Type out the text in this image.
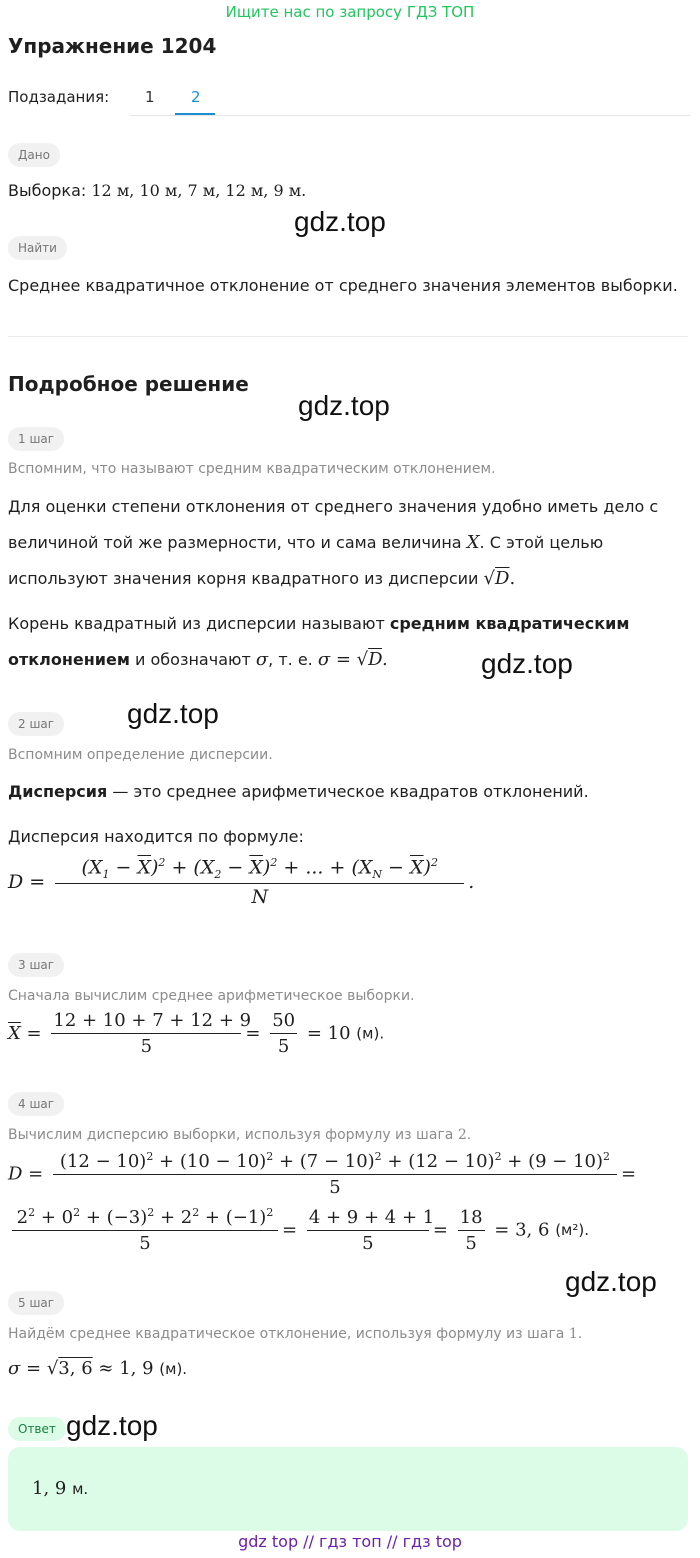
Ищите нас по запросу ГДЗ ТОП
Упражнение 1204
Подзадания: 1 2
Дано
Выборка: 12 м, 10 м, 7 м, 12 м, 9 м.
gdz.top
Найти
Среднее квадратичное отклонение от среднего значения элементов выборки.
Подробное решение
gdz.top
1 шаг
Вспомним, что называют средним квадратическим отклонением.
Для оценки степени отклонения от среднего значения удобно иметь дело с
величиной той же размерности, что и сама величина X. С этой целью
используют значения корня квадратного из дисперсии √D.
Корень квадратный из дисперсии называют средним квадратическим
отклонением и обозначают σ, т. е. σ = √D.	gdz.top
2 шаг	gdz.top
Вспомним определение дисперсии.
Дисперсия — это среднее арифметическое квадратов отклонений.
Дисперсия находится по формуле:
$D = \frac{(X_1 - \overline{X})^2 + (X_2 - \overline{X})^2 + ... + (X_N - \overline{X})^2}{N}$ .
3 шаг
Сначала вычислим среднее арифметическое выборки.
$\overline{X} = \frac{12 + 10 + 7 + 12 + 9}{5} = \frac{50}{5} = 10$ (м).
4 шаг
Вычислим дисперсию выборки, используя формулу из шага 2.
$D = \frac{(12 - 10)^2 + (10 - 10)^2 + (7 - 10)^2 + (12 - 10)^2 + (9 - 10)^2}{5}$ =
$\frac{2^2 + 0^2 + (-3)^2 + 2^2 + (-1)^2}{5} = \frac{4 + 9 + 4 + 1}{5} = \frac{18}{5} = 3$, 6 (м²).
gdz.top
5 шаг
Найдём среднее квадратическое отклонение, используя формулу из шага 1.
σ = √3, 6 ≈ 1, 9 (м).
Ответ gdz.top
1, 9 м.
gdz top // гдз топ // гдз top
